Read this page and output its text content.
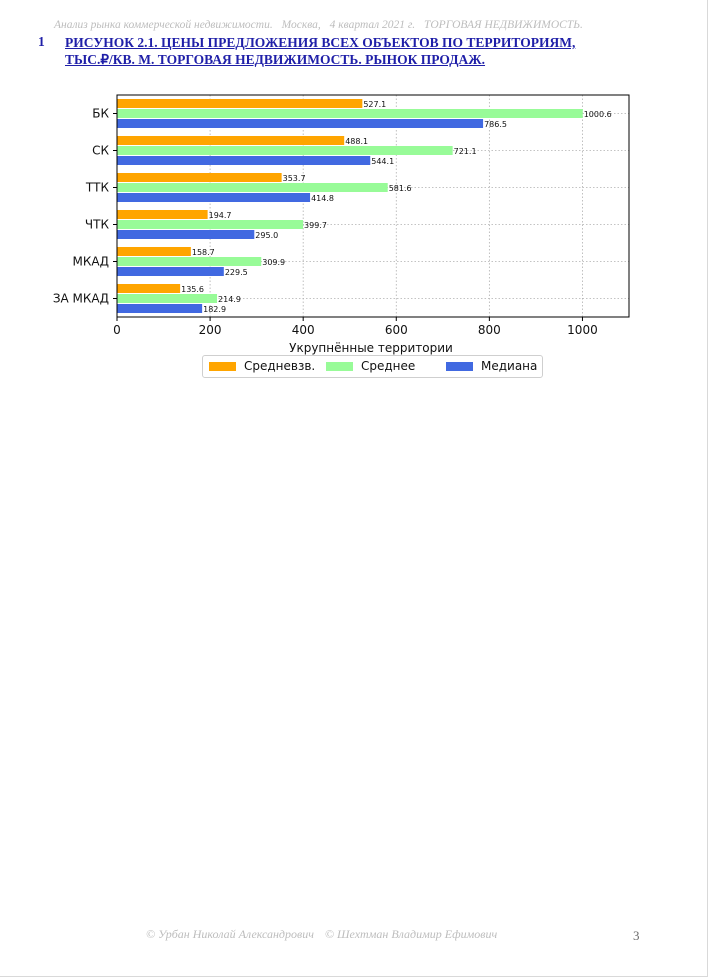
Анализ рынка коммерческой недвижимости. Москва, 4 квартал 2021 г. ТОРГОВАЯ НЕДВИЖИМОСТЬ.
1 РИСУНОК 2.1. ЦЕНЫ ПРЕДЛОЖЕНИЯ ВСЕХ ОБЪЕКТОВ ПО ТЕРРИТОРИЯМ,
ТЫС.₽/КВ. М. ТОРГОВАЯ НЕДВИЖИМОСТЬ. РЫНОК ПРОДАЖ.
0	200	400	600	800	1000
527.1
488.1
353.7
194.7
158.7
135.6
1000.6
721.1
581.6
399.7
309.9
214.9
786.5
544.1
414.8
295.0
229.5
182.9
БК
СК
ТТК
ЧТК
МКАД
ЗА МКАД
Укрупнённые территории
Средневзв.	Среднее	Медиана
© Урбан Николай Александрович © Шехтман Владимир Ефимович	3
